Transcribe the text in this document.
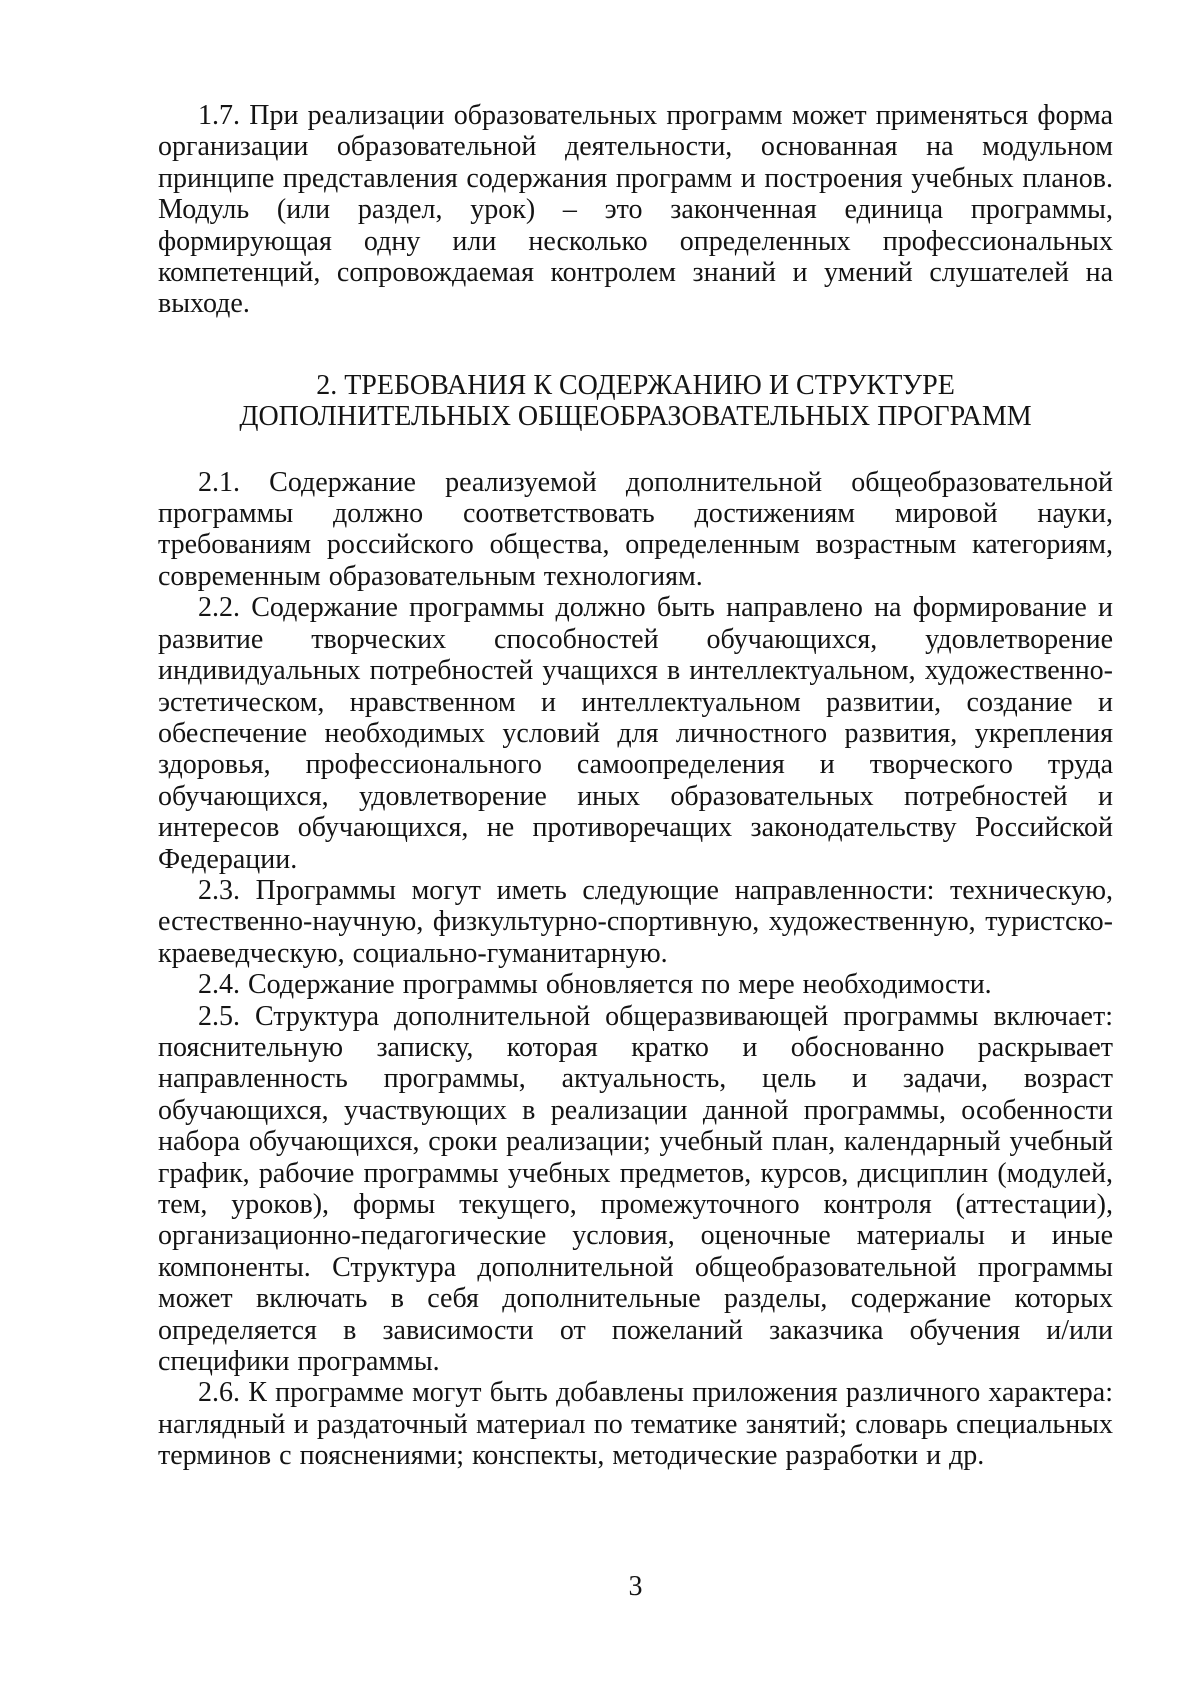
1.7. При реализации образовательных программ может применяться форма организации образовательной деятельности, основанная на модульном принципе представления содержания программ и построения учебных планов. Модуль (или раздел, урок) – это законченная единица программы, формирующая одну или несколько определенных профессиональных компетенций, сопровождаемая контролем знаний и умений слушателей на выходе.

2. ТРЕБОВАНИЯ К СОДЕРЖАНИЮ И СТРУКТУРЕ
ДОПОЛНИТЕЛЬНЫХ ОБЩЕОБРАЗОВАТЕЛЬНЫХ ПРОГРАММ

2.1. Содержание реализуемой дополнительной общеобразовательной программы должно соответствовать достижениям мировой науки, требованиям российского общества, определенным возрастным категориям, современным образовательным технологиям.

2.2. Содержание программы должно быть направлено на формирование и развитие творческих способностей обучающихся, удовлетворение индивидуальных потребностей учащихся в интеллектуальном, художественно-эстетическом, нравственном и интеллектуальном развитии, создание и обеспечение необходимых условий для личностного развития, укрепления здоровья, профессионального самоопределения и творческого труда обучающихся, удовлетворение иных образовательных потребностей и интересов обучающихся, не противоречащих законодательству Российской Федерации.

2.3. Программы могут иметь следующие направленности: техническую, естественно-научную, физкультурно-спортивную, художественную, туристско-краеведческую, социально-гуманитарную.

2.4. Содержание программы обновляется по мере необходимости.

2.5. Структура дополнительной общеразвивающей программы включает: пояснительную записку, которая кратко и обоснованно раскрывает направленность программы, актуальность, цель и задачи, возраст обучающихся, участвующих в реализации данной программы, особенности набора обучающихся, сроки реализации; учебный план, календарный учебный график, рабочие программы учебных предметов, курсов, дисциплин (модулей, тем, уроков), формы текущего, промежуточного контроля (аттестации), организационно-педагогические условия, оценочные материалы и иные компоненты. Структура дополнительной общеобразовательной программы может включать в себя дополнительные разделы, содержание которых определяется в зависимости от пожеланий заказчика обучения и/или специфики программы.

2.6. К программе могут быть добавлены приложения различного характера: наглядный и раздаточный материал по тематике занятий; словарь специальных терминов с пояснениями; конспекты, методические разработки и др.

3
